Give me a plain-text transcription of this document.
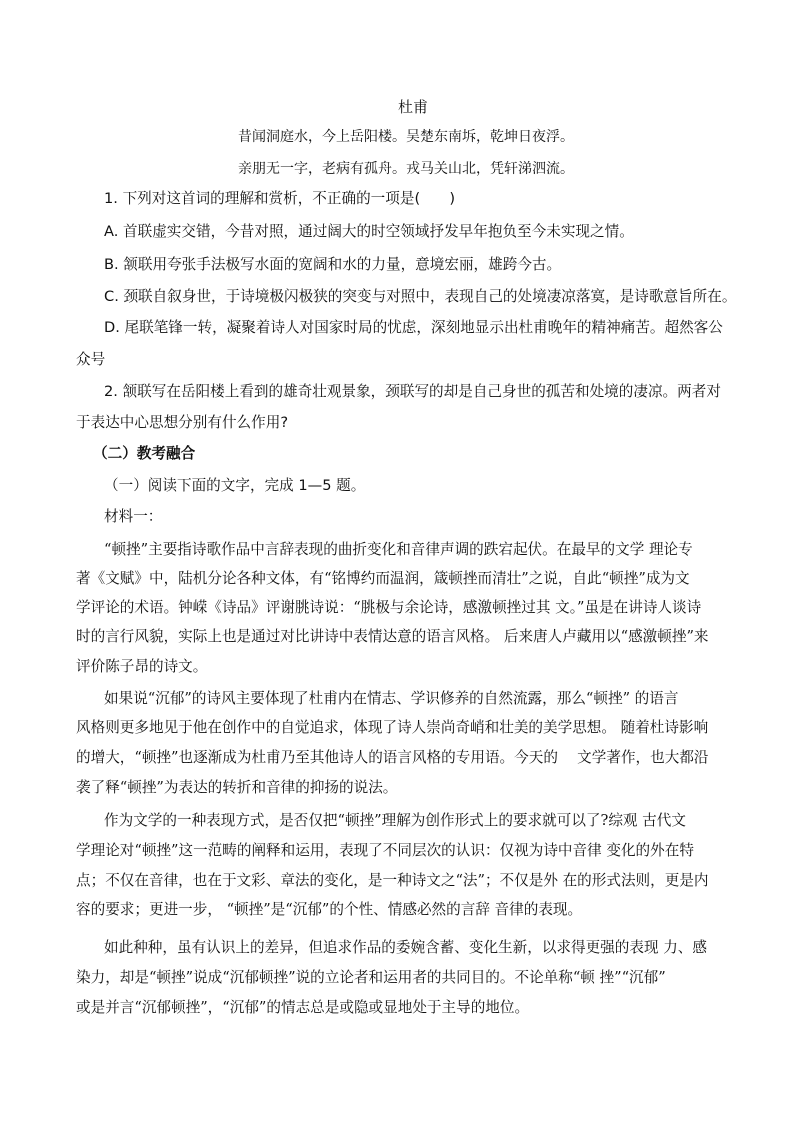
杜甫
昔闻洞庭水，今上岳阳楼。吴楚东南坼，乾坤日夜浮。
亲朋无一字，老病有孤舟。戎马关山北，凭轩涕泗流。
1. 下列对这首词的理解和赏析，不正确的一项是(　　)
A. 首联虚实交错，今昔对照，通过阔大的时空领域抒发早年抱负至今未实现之情。
B. 颔联用夸张手法极写水面的宽阔和水的力量，意境宏丽，雄跨今古。
C. 颈联自叙身世，于诗境极闪极狭的突变与对照中，表现自己的处境凄凉落寞，是诗歌意旨所在。
D. 尾联笔锋一转，凝聚着诗人对国家时局的忧虑，深刻地显示出杜甫晚年的精神痛苦。超然客公
众号
2. 颔联写在岳阳楼上看到的雄奇壮观景象，颈联写的却是自己身世的孤苦和处境的凄凉。两者对
于表达中心思想分别有什么作用?
（二）教考融合
（一）阅读下面的文字，完成 1—5 题。
材料一：
“顿挫”主要指诗歌作品中言辞表现的曲折变化和音律声调的跌宕起伏。在最早的文学 理论专
著《文赋》中，陆机分论各种文体，有“铭博约而温润，箴顿挫而清壮”之说，自此“顿挫”成为文
学评论的术语。钟嵘《诗品》评谢朓诗说：“朓极与余论诗，感激顿挫过其 文。”虽是在讲诗人谈诗
时的言行风貌，实际上也是通过对比讲诗中表情达意的语言风格。 后来唐人卢藏用以“感激顿挫”来
评价陈子昂的诗文。
如果说“沉郁”的诗风主要体现了杜甫内在情志、学识修养的自然流露，那么“顿挫” 的语言
风格则更多地见于他在创作中的自觉追求，体现了诗人崇尚奇峭和壮美的美学思想。 随着杜诗影响
的增大，“顿挫”也逐渐成为杜甫乃至其他诗人的语言风格的专用语。今天的　 文学著作，也大都沿
袭了释“顿挫”为表达的转折和音律的抑扬的说法。
作为文学的一种表现方式，是否仅把“顿挫”理解为创作形式上的要求就可以了?综观 古代文
学理论对“顿挫”这一范畴的阐释和运用，表现了不同层次的认识：仅视为诗中音律 变化的外在特
点；不仅在音律，也在于文彩、章法的变化，是一种诗文之“法”；不仅是外 在的形式法则，更是内
容的要求；更进一步， “顿挫”是“沉郁”的个性、情感必然的言辞 音律的表现。
如此种种，虽有认识上的差异，但追求作品的委婉含蓄、变化生新，以求得更强的表现 力、感
染力，却是“顿挫”说成“沉郁顿挫”说的立论者和运用者的共同目的。不论单称“顿 挫”“沉郁”
或是并言“沉郁顿挫”，“沉郁”的情志总是或隐或显地处于主导的地位。
